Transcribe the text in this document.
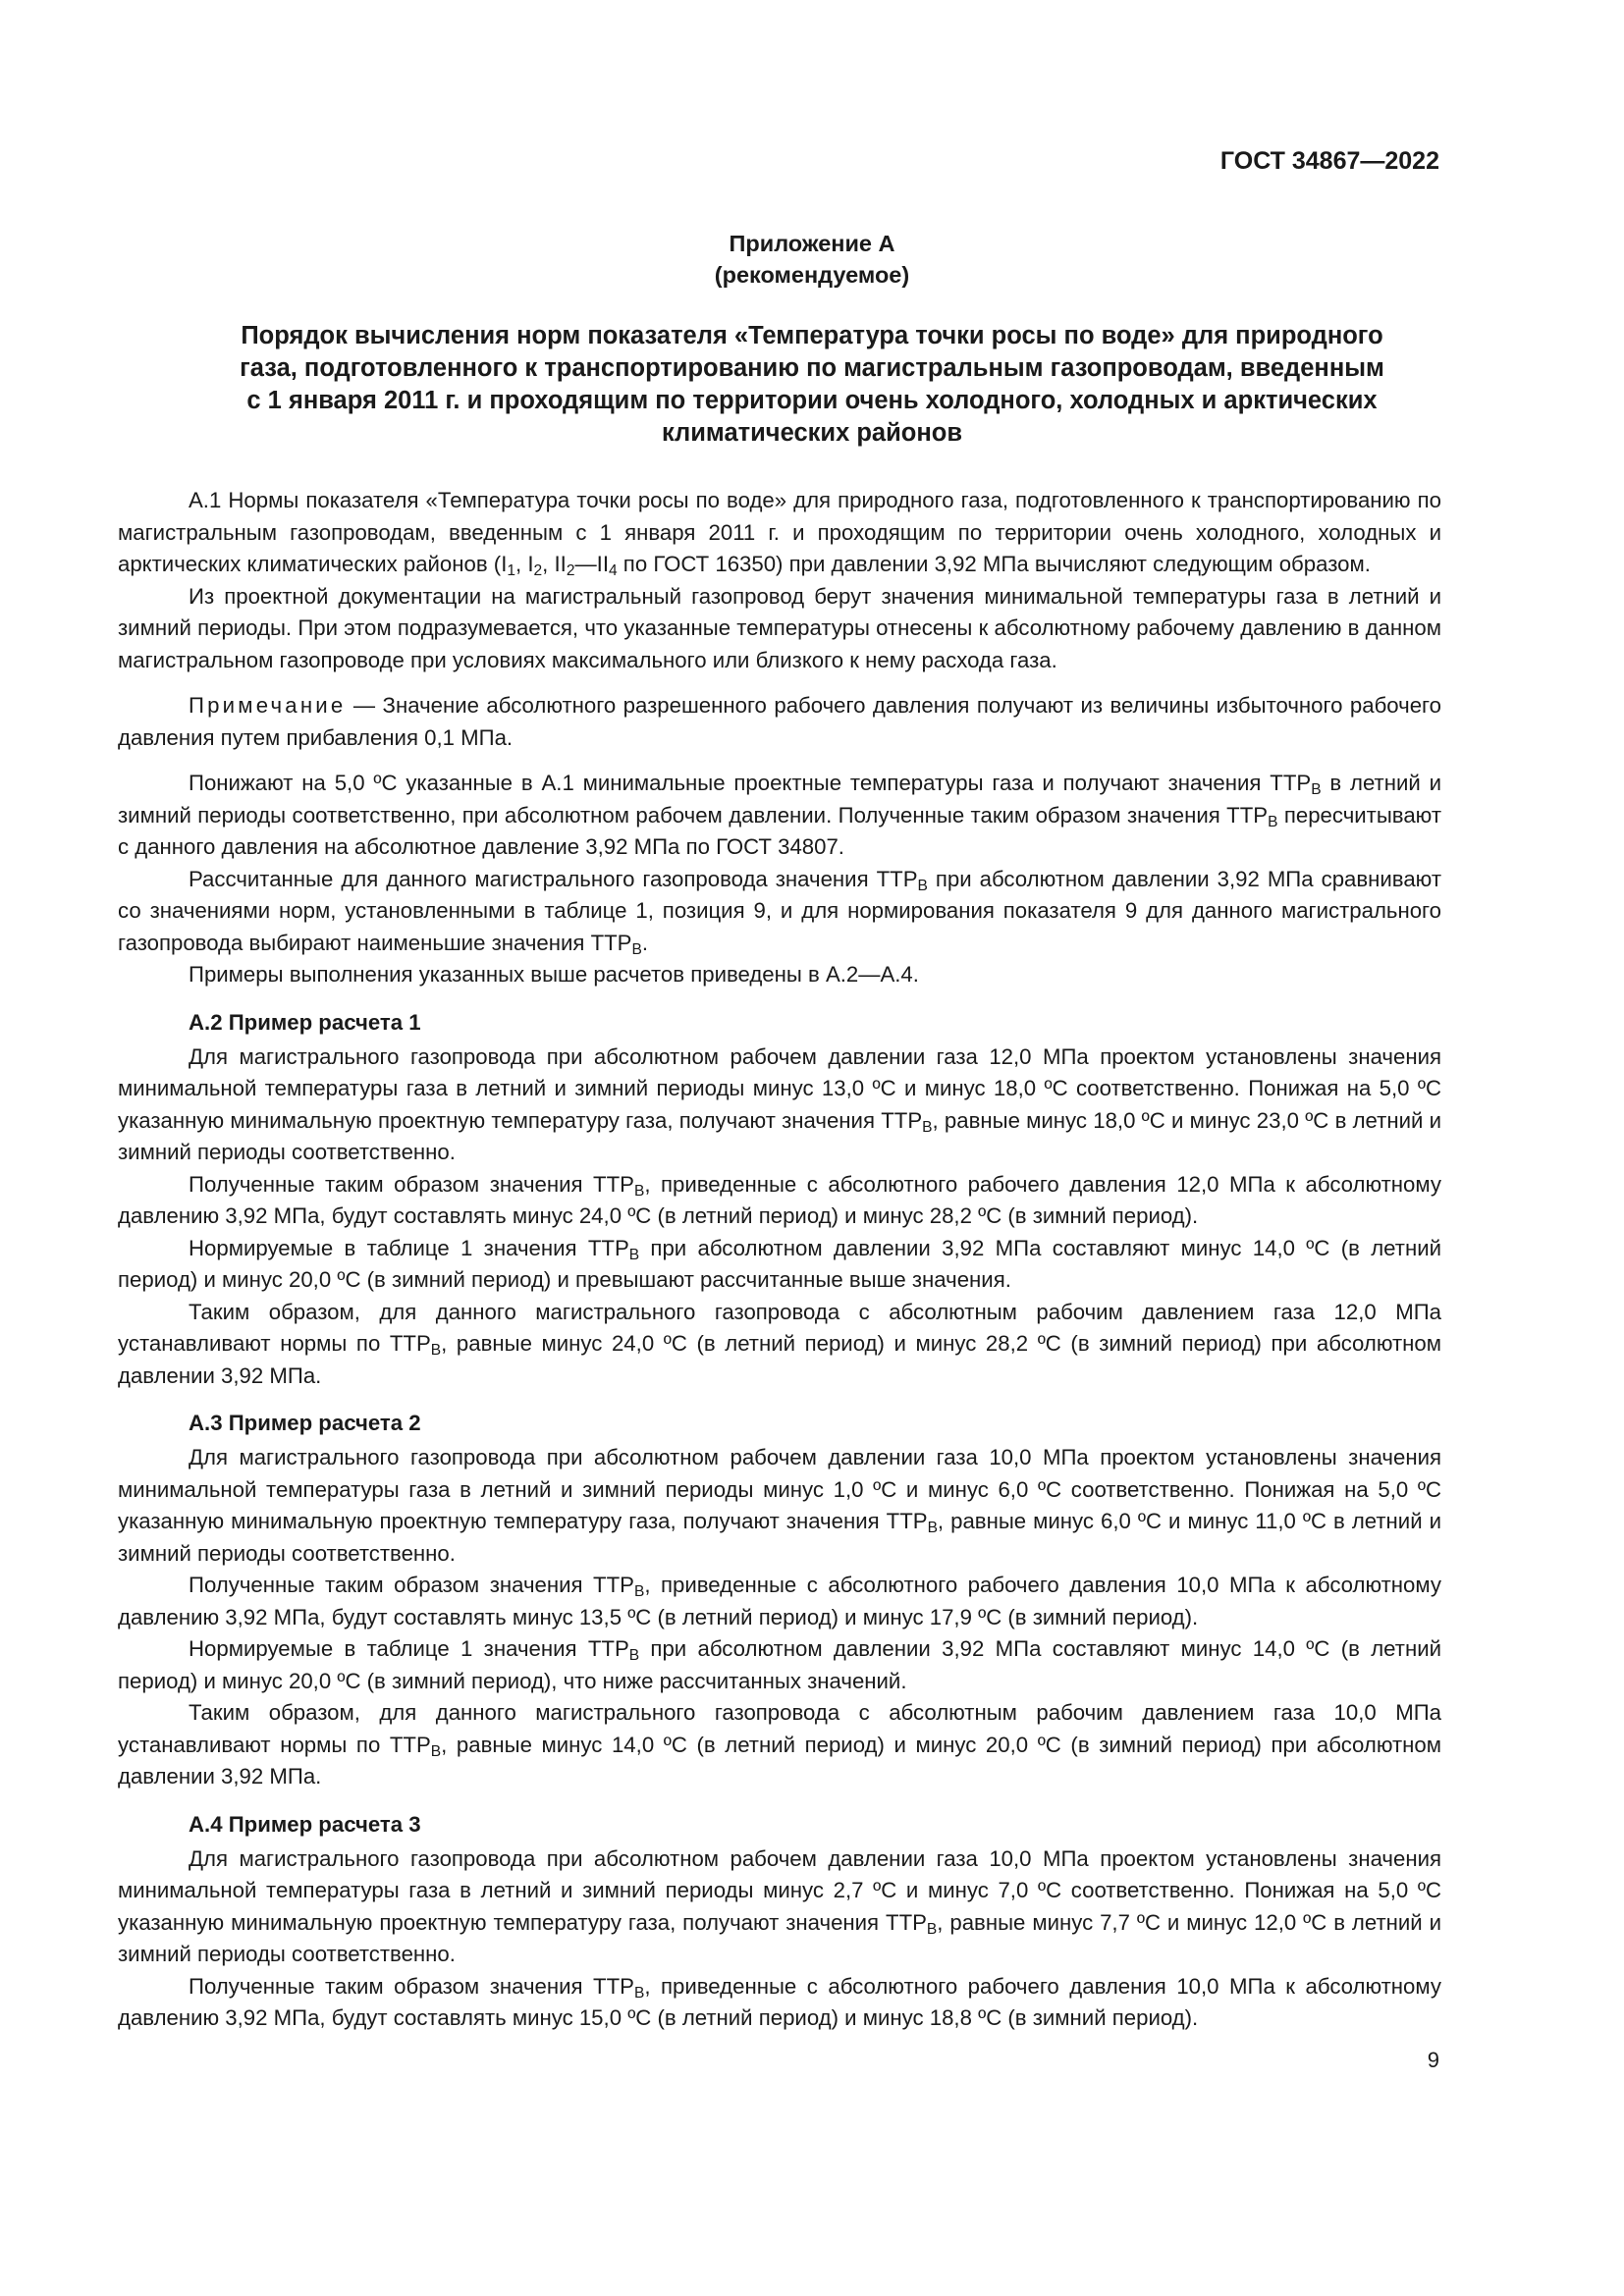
ГОСТ 34867—2022
Приложение А
(рекомендуемое)
Порядок вычисления норм показателя «Температура точки росы по воде» для природного
газа, подготовленного к транспортированию по магистральным газопроводам, введенным
с 1 января 2011 г. и проходящим по территории очень холодного, холодных и арктических
климатических районов

А.1 Нормы показателя «Температура точки росы по воде» для природного газа, подготовленного к транспортированию по магистральным газопроводам, введенным с 1 января 2011 г. и проходящим по территории очень холодного, холодных и арктических климатических районов ($I_1$, $I_2$, $II_2—II_4$ по ГОСТ 16350) при давлении 3,92 МПа вычисляют следующим образом.

Из проектной документации на магистральный газопровод берут значения минимальной температуры газа в летний и зимний периоды. При этом подразумевается, что указанные температуры отнесены к абсолютному рабочему давлению в данном магистральном газопроводе при условиях максимального или близкого к нему расхода газа.

Примечание — Значение абсолютного разрешенного рабочего давления получают из величины избыточного рабочего давления путем прибавления 0,1 МПа.

Понижают на 5,0 ºС указанные в А.1 минимальные проектные температуры газа и получают значения $ТТР_В$ в летний и зимний периоды соответственно, при абсолютном рабочем давлении. Полученные таким образом значения $ТТР_В$ пересчитывают с данного давления на абсолютное давление 3,92 МПа по ГОСТ 34807.

Рассчитанные для данного магистрального газопровода значения $ТТР_В$ при абсолютном давлении 3,92 МПа сравнивают со значениями норм, установленными в таблице 1, позиция 9, и для нормирования показателя 9 для данного магистрального газопровода выбирают наименьшие значения $ТТР_В$.

Примеры выполнения указанных выше расчетов приведены в А.2—А.4.

А.2 Пример расчета 1

Для магистрального газопровода при абсолютном рабочем давлении газа 12,0 МПа проектом установлены значения минимальной температуры газа в летний и зимний периоды минус 13,0 ºС и минус 18,0 ºС соответственно. Понижая на 5,0 ºС указанную минимальную проектную температуру газа, получают значения $ТТР_В$, равные минус 18,0 ºС и минус 23,0 ºС в летний и зимний периоды соответственно.

Полученные таким образом значения $ТТР_В$, приведенные с абсолютного рабочего давления 12,0 МПа к абсолютному давлению 3,92 МПа, будут составлять минус 24,0 ºС (в летний период) и минус 28,2 ºС (в зимний период).

Нормируемые в таблице 1 значения $ТТР_В$ при абсолютном давлении 3,92 МПа составляют минус 14,0 ºС (в летний период) и минус 20,0 ºС (в зимний период) и превышают рассчитанные выше значения.

Таким образом, для данного магистрального газопровода с абсолютным рабочим давлением газа 12,0 МПа устанавливают нормы по $ТТР_В$, равные минус 24,0 ºС (в летний период) и минус 28,2 ºС (в зимний период) при абсолютном давлении 3,92 МПа.

А.3 Пример расчета 2

Для магистрального газопровода при абсолютном рабочем давлении газа 10,0 МПа проектом установлены значения минимальной температуры газа в летний и зимний периоды минус 1,0 ºС и минус 6,0 ºС соответственно. Понижая на 5,0 ºС указанную минимальную проектную температуру газа, получают значения $ТТР_В$, равные минус 6,0 ºС и минус 11,0 ºС в летний и зимний периоды соответственно.

Полученные таким образом значения $ТТР_В$, приведенные с абсолютного рабочего давления 10,0 МПа к абсолютному давлению 3,92 МПа, будут составлять минус 13,5 ºС (в летний период) и минус 17,9 ºС (в зимний период).

Нормируемые в таблице 1 значения $ТТР_В$ при абсолютном давлении 3,92 МПа составляют минус 14,0 ºС (в летний период) и минус 20,0 ºС (в зимний период), что ниже рассчитанных значений.

Таким образом, для данного магистрального газопровода с абсолютным рабочим давлением газа 10,0 МПа устанавливают нормы по $ТТР_В$, равные минус 14,0 ºС (в летний период) и минус 20,0 ºС (в зимний период) при абсолютном давлении 3,92 МПа.

А.4 Пример расчета 3

Для магистрального газопровода при абсолютном рабочем давлении газа 10,0 МПа проектом установлены значения минимальной температуры газа в летний и зимний периоды минус 2,7 ºС и минус 7,0 ºС соответственно. Понижая на 5,0 ºС указанную минимальную проектную температуру газа, получают значения $ТТР_В$, равные минус 7,7 ºС и минус 12,0 ºС в летний и зимний периоды соответственно.

Полученные таким образом значения $ТТР_В$, приведенные с абсолютного рабочего давления 10,0 МПа к абсолютному давлению 3,92 МПа, будут составлять минус 15,0 ºС (в летний период) и минус 18,8 ºС (в зимний период).

9
